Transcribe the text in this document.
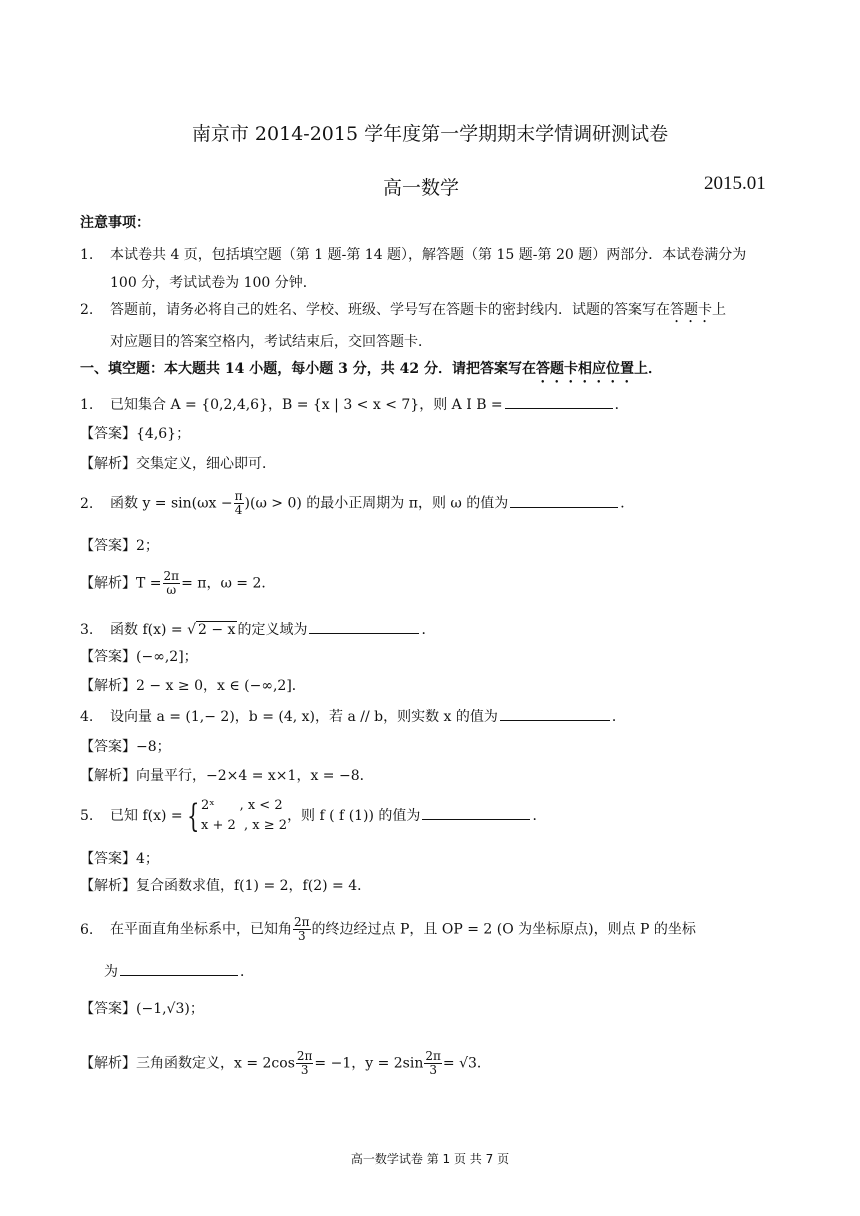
南京市 2014-2015 学年度第一学期期末学情调研测试卷
高一数学	2015.01
注意事项：
1. 本试卷共 4 页，包括填空题（第 1 题-第 14 题），解答题（第 15 题-第 20 题）两部分．本试卷满分为
100 分，考试试卷为 100 分钟．
2. 答题前，请务必将自己的姓名、学校、班级、学号写在答题卡的密封线内．试题的答案写在答题卡上
对应题目的答案空格内，考试结束后，交回答题卡．
一、填空题：本大题共 14 小题，每小题 3 分，共 42 分．请把答案写在答题卡相应位置上．
1. 已知集合 A = {0,2,4,6}，B = {x | 3 < x < 7}，则 A I B =	．
【答案】{4,6}；
【解析】交集定义，细心即可．
2. 函数 $y = \sin(\omega x - \frac{\pi}{4} )(\omega > 0)$ 的最小正周期为 π，则 ω 的值为	．
【答案】2；
【解析】$T = \frac{2\pi}{\omega} = \pi$，ω = 2．
3. 函数 f(x) = √ 2 − x 的定义域为	．
【答案】(−∞,2]；
【解析】2 − x ≥ 0，x ∈ (−∞,2]．
4. 设向量 a = (1,− 2)，b = (4, x)，若 a // b，则实数 x 的值为	．
【答案】−8；
【解析】向量平行，−2×4 = x×1，x = −8．
5. 已知 f(x) = { 2ˣ      , x < 2
x + 2  , x ≥ 2
，则 f ( f (1)) 的值为	．
【答案】4；
【解析】复合函数求值，f(1) = 2，f(2) = 4．
6. 在平面直角坐标系中，已知角 $\frac{2\pi}{3}$ 的终边经过点 P，且 OP = 2 (O 为坐标原点)，则点 P 的坐标
为	．
【答案】(−1,√3)；
【解析】三角函数定义，$x = 2\cos \frac{2\pi}{3} = -1$，$y = 2\sin \frac{2\pi}{3} = √3$．
高一数学试卷 第 1 页 共 7 页
